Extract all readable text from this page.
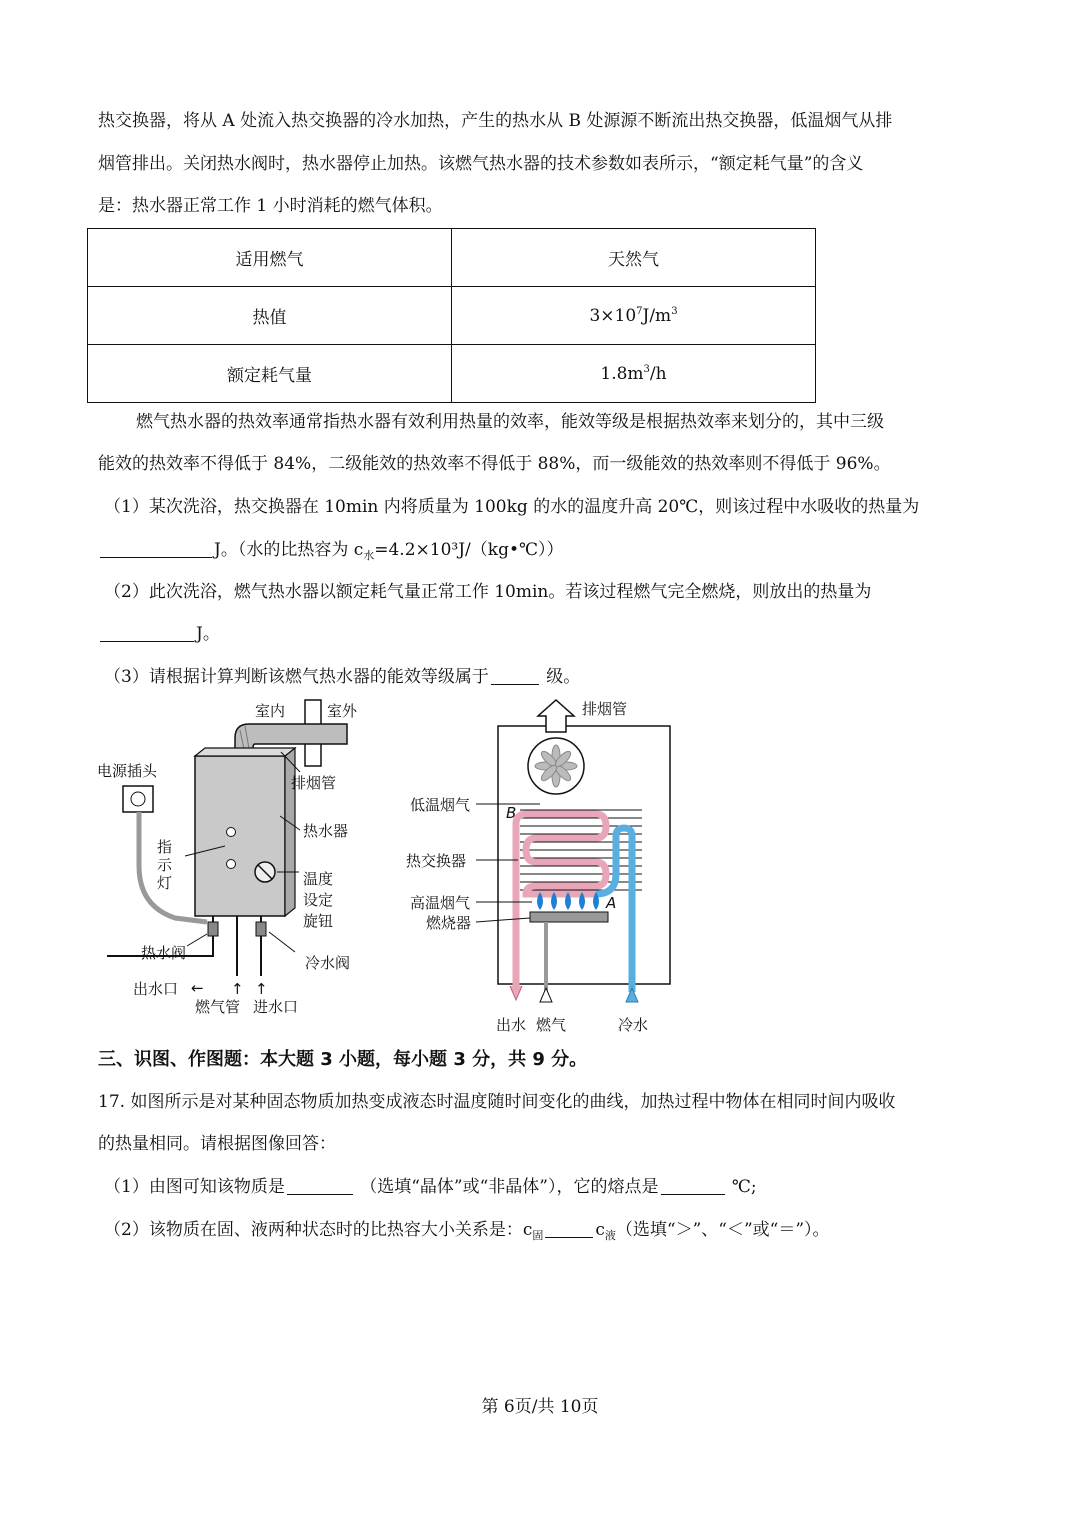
热交换器，将从 A 处流入热交换器的冷水加热，产生的热水从 B 处源源不断流出热交换器，低温烟气从排
烟管排出。关闭热水阀时，热水器停止加热。该燃气热水器的技术参数如表所示，“额定耗气量”的含义
是：热水器正常工作 1 小时消耗的燃气体积。
适用燃气	天然气
热值	$3\times 10^7J/m^3$
额定耗气量	$1.8m^3/h$
燃气热水器的热效率通常指热水器有效利用热量的效率，能效等级是根据热效率来划分的，其中三级
能效的热效率不得低于 84%，二级能效的热效率不得低于 88%，而一级能效的热效率则不得低于 96%。
（1）某次洗浴，热交换器在 10min 内将质量为 100kg 的水的温度升高 20℃，则该过程中水吸收的热量为
J。（水的比热容为 $c_水=4.2\times 10^3J/(kg•℃)$）
（2）此次洗浴，燃气热水器以额定耗气量正常工作 10min。若该过程燃气完全燃烧，则放出的热量为
J。
（3）请根据计算判断该燃气热水器的能效等级属于	级。
室内	室外
电源插头
排烟管
热水器
指
示
灯	温度
设定
旋钮
热水阀
冷水阀
出水口 ← ↑ ↑
燃气管 进水口
排烟管
B
A
出水 燃气	冷水
低温烟气
热交换器
高温烟气
燃烧器
三、识图、作图题：本大题 3 小题，每小题 3 分，共 9 分。
17. 如图所示是对某种固态物质加热变成液态时温度随时间变化的曲线，加热过程中物体在相同时间内吸收
的热量相同。请根据图像回答：
（1）由图可知该物质是	（选填“晶体”或“非晶体”），它的熔点是	℃;
（2）该物质在固、液两种状态时的比热容大小关系是：$c_固$	$c_液$（选填“＞”、“＜”或“＝”）。
第 6页/共 10页
